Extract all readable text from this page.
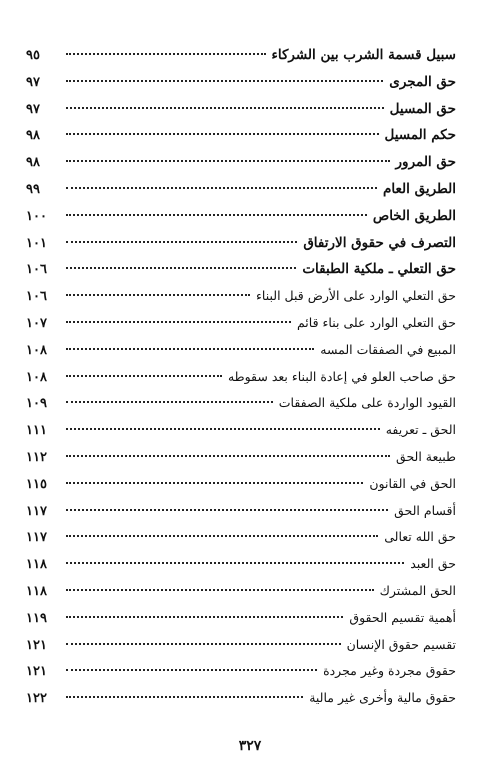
سبيل قسمة الشرب بين الشركاء
٩٥
حق المجرى
٩٧
حق المسيل
٩٧
حكم المسيل
٩٨
حق المرور
٩٨
الطريق العام
٩٩
الطريق الخاص
١٠٠
التصرف في حقوق الارتفاق
١٠١
حق التعلي ـ ملكية الطبقات
١٠٦
حق التعلي الوارد على الأرض قبل البناء
١٠٦
حق التعلي الوارد على بناء قائم
١٠٧
المبيع في الصفقات المسه
١٠٨
حق صاحب العلو في إعادة البناء بعد سقوطه
١٠٨
القيود الواردة على ملكية الصفقات
١٠٩
الحق ـ تعريفه
١١١
طبيعة الحق
١١٢
الحق في القانون
١١٥
أقسام الحق
١١٧
حق الله تعالى
١١٧
حق العبد
١١٨
الحق المشترك
١١٨
أهمية تقسيم الحقوق
١١٩
تقسيم حقوق الإنسان
١٢١
حقوق مجردة وغير مجردة
١٢١
حقوق مالية وأخرى غير مالية
١٢٢
٣٢٧
